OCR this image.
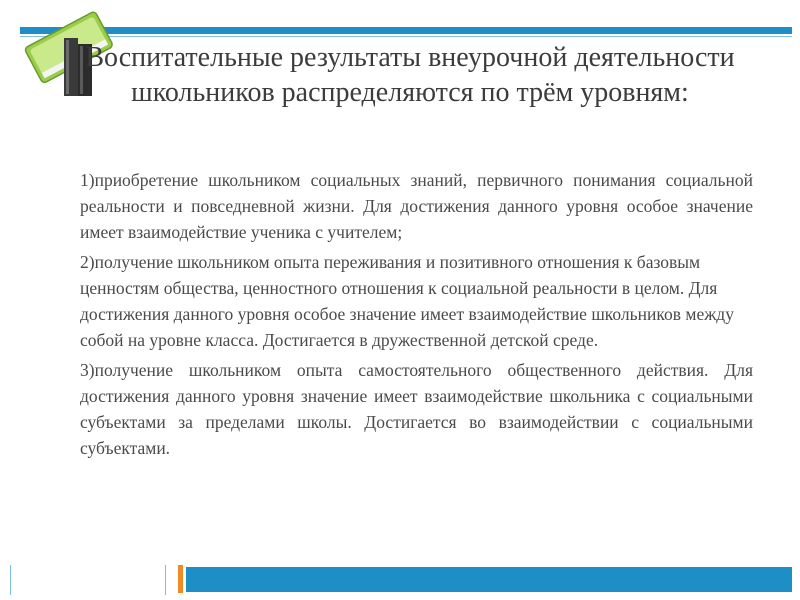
Воспитательные результаты внеурочной деятельности школьников распределяются по трём уровням:

1)приобретение школьником социальных знаний, первичного понимания социальной реальности и повседневной жизни. Для достижения данного уровня особое значение имеет взаимодействие ученика с учителем;

2)получение школьником опыта переживания и позитивного отношения к базовым ценностям общества, ценностного отношения к социальной реальности в целом. Для достижения данного уровня особое значение имеет взаимодействие школьников между собой на уровне класса. Достигается в дружественной детской среде.

3)получение школьником опыта самостоятельного общественного действия. Для достижения данного уровня значение имеет взаимодействие школьника с социальными субъектами за пределами школы. Достигается во взаимодействии с социальными субъектами.
